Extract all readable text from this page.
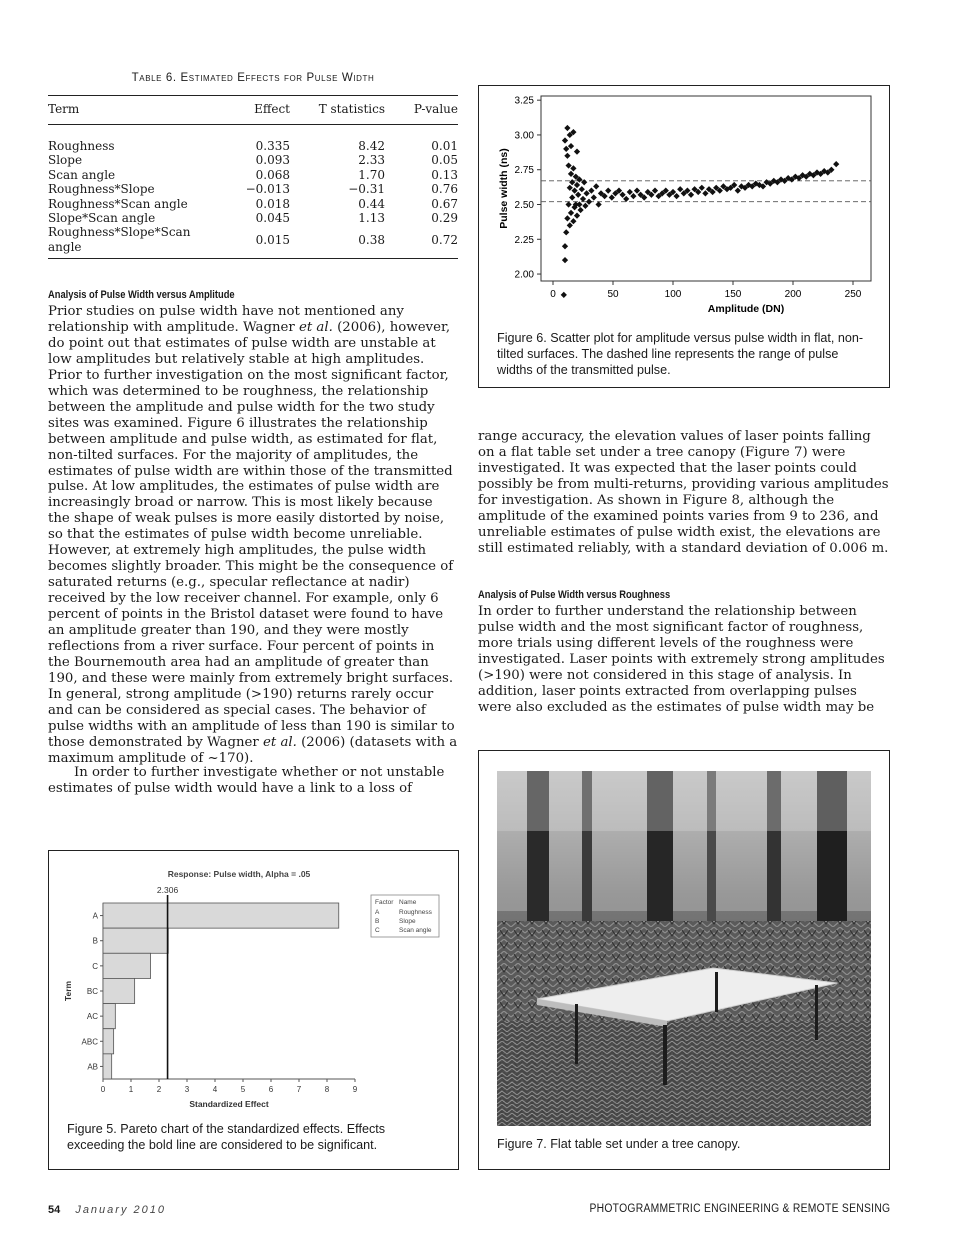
Table 6. Estimated Effects for Pulse Width
Term	Effect	T statistics	P-value
Roughness	0.335	8.42	0.01
Slope	0.093	2.33	0.05
Scan angle	0.068	1.70	0.13
Roughness*Slope	−0.013	−0.31	0.76
Roughness*Scan angle	0.018	0.44	0.67
Slope*Scan angle	0.045	1.13	0.29
Roughness*Slope*Scan angle	0.015	0.38	0.72
Analysis of Pulse Width versus Amplitude

Prior studies on pulse width have not mentioned any relationship with amplitude. Wagner et al. (2006), however, do point out that estimates of pulse width are unstable at low amplitudes but relatively stable at high amplitudes. Prior to further investigation on the most significant factor, which was determined to be roughness, the relationship between the amplitude and pulse width for the two study sites was examined. Figure 6 illustrates the relationship between amplitude and pulse width, as estimated for flat, non-tilted surfaces. For the majority of amplitudes, the estimates of pulse width are within those of the transmitted pulse. At low amplitudes, the estimates of pulse width are increasingly broad or narrow. This is most likely because the shape of weak pulses is more easily distorted by noise, so that the estimates of pulse width become unreliable. However, at extremely high amplitudes, the pulse width becomes slightly broader. This might be the consequence of saturated returns (e.g., specular reflectance at nadir) received by the low receiver channel. For example, only 6 percent of points in the Bristol dataset were found to have an amplitude greater than 190, and they were mostly reflections from a river surface. Four percent of points in the Bournemouth area had an amplitude of greater than 190, and these were mainly from extremely bright surfaces. In general, strong amplitude (>190) returns rarely occur and can be considered as special cases. The behavior of pulse widths with an amplitude of less than 190 is similar to those demonstrated by Wagner et al. (2006) (datasets with a maximum amplitude of ~170).

In order to further investigate whether or not unstable estimates of pulse width would have a link to a loss of

2.00
2.25
2.50
2.75
3.00
3.25
0	50	100	150	200	250
Amplitude (DN)
Pulse width (ns)
Figure 6. Scatter plot for amplitude versus pulse width in flat, non-tilted surfaces. The dashed line represents the range of pulse widths of the transmitted pulse.

range accuracy, the elevation values of laser points falling on a flat table set under a tree canopy (Figure 7) were investigated. It was expected that the laser points could possibly be from multi-returns, providing various amplitudes for investigation. As shown in Figure 8, although the amplitude of the examined points varies from 9 to 236, and unreliable estimates of pulse width exist, the elevations are still estimated reliably, with a standard deviation of 0.006 m.

Analysis of Pulse Width versus Roughness

In order to further understand the relationship between pulse width and the most significant factor of roughness, more trials using different levels of the roughness were investigated. Laser points with extremely strong amplitudes (>190) were not considered in this stage of analysis. In addition, laser points extracted from overlapping pulses were also excluded as the estimates of pulse width may be

Response: Pulse width, Alpha = .05
A
B
C
BC
AC
ABC
AB
0	1	2	3	4	5	6	7	8	9
2.306
Standardized Effect
Term
Factor Name
A	Roughness
B	Slope
C	Scan angle
Figure 5. Pareto chart of the standardized effects. Effects exceeding the bold line are considered to be significant.	Figure 7. Flat table set under a tree canopy.
54 January 2010	PHOTOGRAMMETRIC ENGINEERING & REMOTE SENSING
